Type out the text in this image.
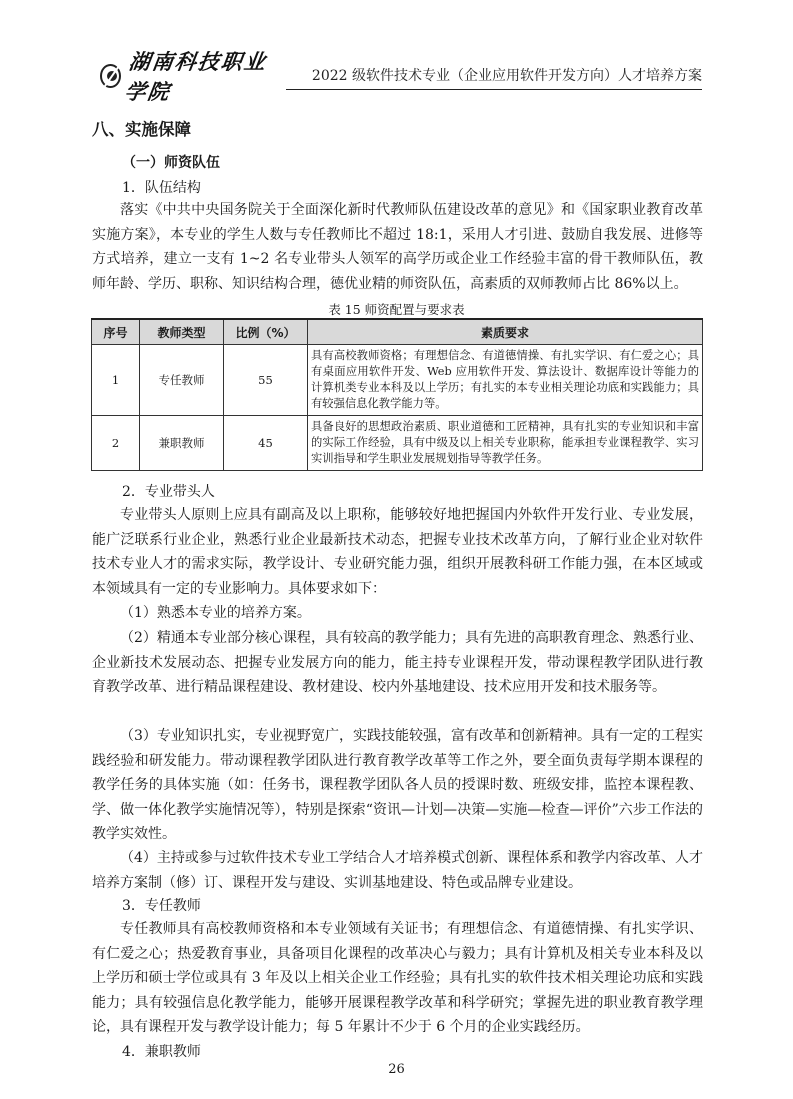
湖南科技职业学院
2022 级软件技术专业（企业应用软件开发方向）人才培养方案
八、实施保障
（一）师资队伍
1．队伍结构
落实《中共中央国务院关于全面深化新时代教师队伍建设改革的意见》和《国家职业教育改革实施方案》，本专业的学生人数与专任教师比不超过 18:1，采用人才引进、鼓励自我发展、进修等方式培养，建立一支有 1~2 名专业带头人领军的高学历或企业工作经验丰富的骨干教师队伍，教师年龄、学历、职称、知识结构合理，德优业精的师资队伍，高素质的双师教师占比 86%以上。
表 15 师资配置与要求表
序号	教师类型	比例（%）	素质要求
1	专任教师	55	具有高校教师资格；有理想信念、有道德情操、有扎实学识、有仁爱之心；具有桌面应用软件开发、Web 应用软件开发、算法设计、数据库设计等能力的计算机类专业本科及以上学历；有扎实的本专业相关理论功底和实践能力；具有较强信息化教学能力等。
2	兼职教师	45	具备良好的思想政治素质、职业道德和工匠精神，具有扎实的专业知识和丰富的实际工作经验，具有中级及以上相关专业职称，能承担专业课程教学、实习实训指导和学生职业发展规划指导等教学任务。
2．专业带头人
专业带头人原则上应具有副高及以上职称，能够较好地把握国内外软件开发行业、专业发展，能广泛联系行业企业，熟悉行业企业最新技术动态，把握专业技术改革方向，了解行业企业对软件技术专业人才的需求实际，教学设计、专业研究能力强，组织开展教科研工作能力强，在本区域或本领域具有一定的专业影响力。具体要求如下：
（1）熟悉本专业的培养方案。
（2）精通本专业部分核心课程，具有较高的教学能力；具有先进的高职教育理念、熟悉行业、企业新技术发展动态、把握专业发展方向的能力，能主持专业课程开发，带动课程教学团队进行教育教学改革、进行精品课程建设、教材建设、校内外基地建设、技术应用开发和技术服务等。
（3）专业知识扎实，专业视野宽广，实践技能较强，富有改革和创新精神。具有一定的工程实践经验和研发能力。带动课程教学团队进行教育教学改革等工作之外，要全面负责每学期本课程的教学任务的具体实施（如：任务书，课程教学团队各人员的授课时数、班级安排，监控本课程教、学、做一体化教学实施情况等），特别是探索“资讯—计划—决策—实施—检查—评价”六步工作法的教学实效性。
（4）主持或参与过软件技术专业工学结合人才培养模式创新、课程体系和教学内容改革、人才培养方案制（修）订、课程开发与建设、实训基地建设、特色或品牌专业建设。
3．专任教师
专任教师具有高校教师资格和本专业领域有关证书；有理想信念、有道德情操、有扎实学识、有仁爱之心；热爱教育事业，具备项目化课程的改革决心与毅力；具有计算机及相关专业本科及以上学历和硕士学位或具有 3 年及以上相关企业工作经验；具有扎实的软件技术相关理论功底和实践能力；具有较强信息化教学能力，能够开展课程教学改革和科学研究；掌握先进的职业教育教学理论，具有课程开发与教学设计能力；每 5 年累计不少于 6 个月的企业实践经历。
4．兼职教师
26
